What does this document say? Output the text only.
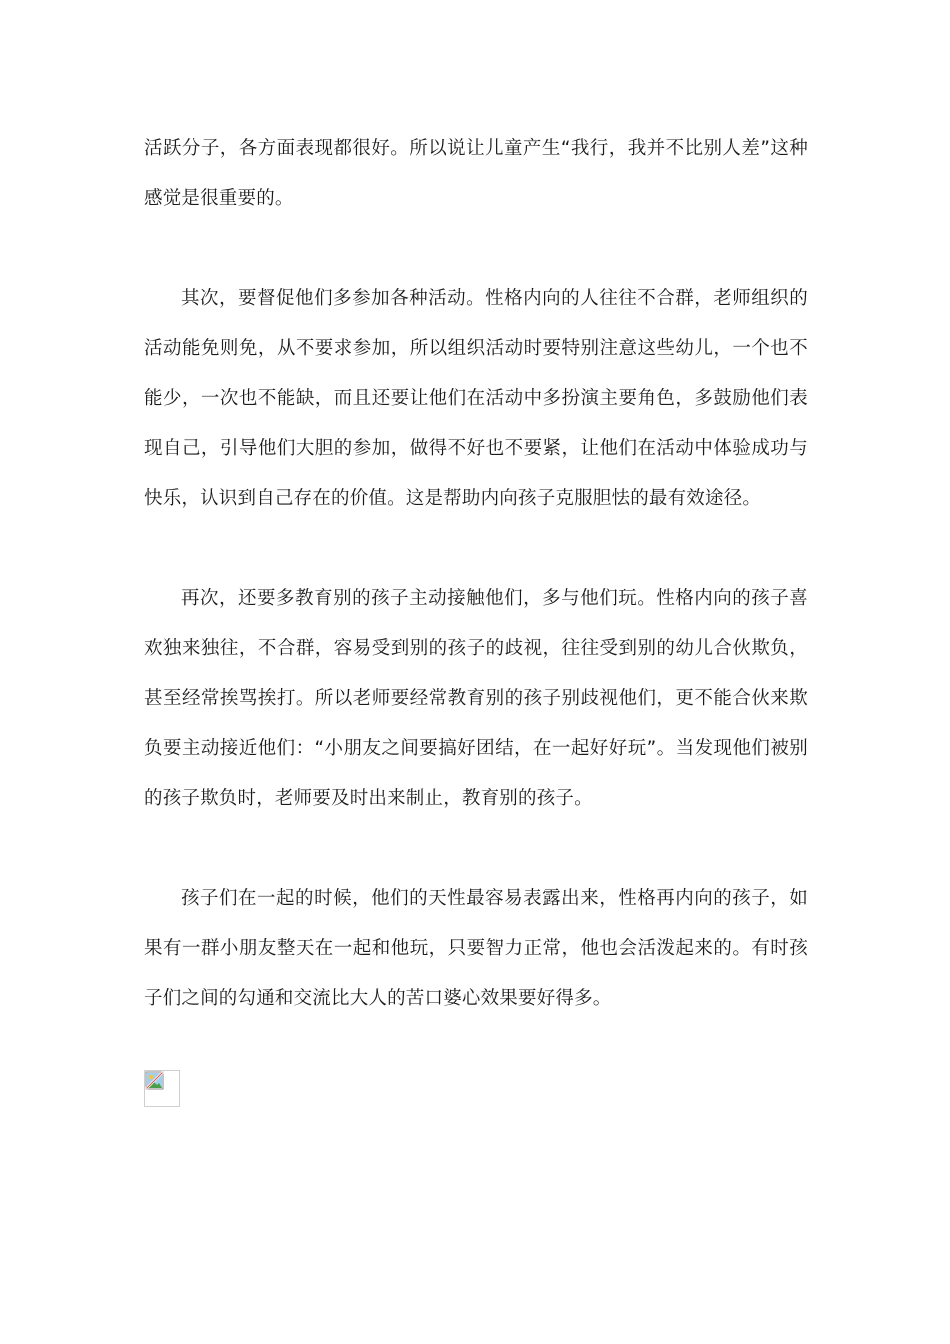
活跃分子，各方面表现都很好。所以说让儿童产生“我行，我并不比别人差”这种感觉是很重要的。

其次，要督促他们多参加各种活动。性格内向的人往往不合群，老师组织的活动能免则免，从不要求参加，所以组织活动时要特别注意这些幼儿，一个也不能少，一次也不能缺，而且还要让他们在活动中多扮演主要角色，多鼓励他们表现自己，引导他们大胆的参加，做得不好也不要紧，让他们在活动中体验成功与快乐，认识到自己存在的价值。这是帮助内向孩子克服胆怯的最有效途径。

再次，还要多教育别的孩子主动接触他们，多与他们玩。性格内向的孩子喜欢独来独往，不合群，容易受到别的孩子的歧视，往往受到别的幼儿合伙欺负，甚至经常挨骂挨打。所以老师要经常教育别的孩子别歧视他们，更不能合伙来欺负要主动接近他们：“小朋友之间要搞好团结，在一起好好玩”。当发现他们被别的孩子欺负时，老师要及时出来制止，教育别的孩子。

孩子们在一起的时候，他们的天性最容易表露出来，性格再内向的孩子，如果有一群小朋友整天在一起和他玩，只要智力正常，他也会活泼起来的。有时孩子们之间的勾通和交流比大人的苦口婆心效果要好得多。
